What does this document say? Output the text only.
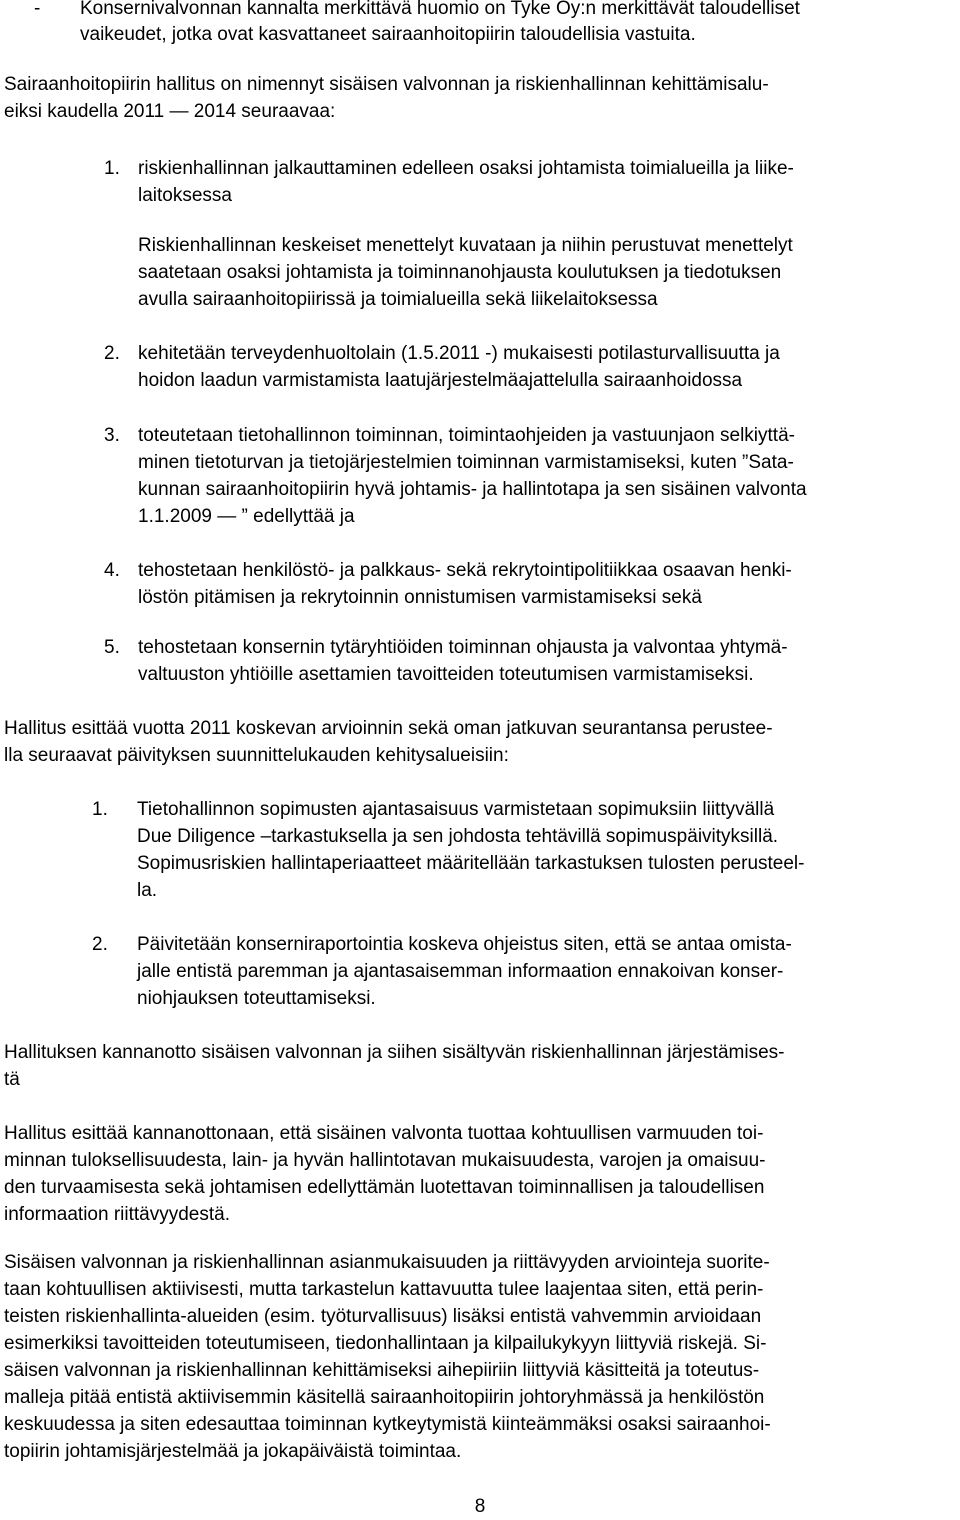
- Konsernivalvonnan kannalta merkittävä huomio on Tyke Oy:n merkittävät taloudelliset
vaikeudet, jotka ovat kasvattaneet sairaanhoitopiirin taloudellisia vastuita.
Sairaanhoitopiirin hallitus on nimennyt sisäisen valvonnan ja riskienhallinnan kehittämisalu-
eiksi kaudella 2011 — 2014 seuraavaa:
1. riskienhallinnan jalkauttaminen edelleen osaksi johtamista toimialueilla ja liike-
laitoksessa
Riskienhallinnan keskeiset menettelyt kuvataan ja niihin perustuvat menettelyt
saatetaan osaksi johtamista ja toiminnanohjausta koulutuksen ja tiedotuksen
avulla sairaanhoitopiirissä ja toimialueilla sekä liikelaitoksessa
2. kehitetään terveydenhuoltolain (1.5.2011 -) mukaisesti potilasturvallisuutta ja
hoidon laadun varmistamista laatujärjestelmäajattelulla sairaanhoidossa
3. toteutetaan tietohallinnon toiminnan, toimintaohjeiden ja vastuunjaon selkiyttä-
minen tietoturvan ja tietojärjestelmien toiminnan varmistamiseksi, kuten ”Sata-
kunnan sairaanhoitopiirin hyvä johtamis- ja hallintotapa ja sen sisäinen valvonta
1.1.2009 — ” edellyttää ja
4. tehostetaan henkilöstö- ja palkkaus- sekä rekrytointipolitiikkaa osaavan henki-
löstön pitämisen ja rekrytoinnin onnistumisen varmistamiseksi sekä
5. tehostetaan konsernin tytäryhtiöiden toiminnan ohjausta ja valvontaa yhtymä-
valtuuston yhtiöille asettamien tavoitteiden toteutumisen varmistamiseksi.
Hallitus esittää vuotta 2011 koskevan arvioinnin sekä oman jatkuvan seurantansa perustee-
lla seuraavat päivityksen suunnittelukauden kehitysalueisiin:
1. Tietohallinnon sopimusten ajantasaisuus varmistetaan sopimuksiin liittyvällä
Due Diligence –tarkastuksella ja sen johdosta tehtävillä sopimuspäivityksillä.
Sopimusriskien hallintaperiaatteet määritellään tarkastuksen tulosten perusteel-
la.
2. Päivitetään konserniraportointia koskeva ohjeistus siten, että se antaa omista-
jalle entistä paremman ja ajantasaisemman informaation ennakoivan konser-
niohjauksen toteuttamiseksi.
Hallituksen kannanotto sisäisen valvonnan ja siihen sisältyvän riskienhallinnan järjestämises-
tä
Hallitus esittää kannanottonaan, että sisäinen valvonta tuottaa kohtuullisen varmuuden toi-
minnan tuloksellisuudesta, lain- ja hyvän hallintotavan mukaisuudesta, varojen ja omaisuu-
den turvaamisesta sekä johtamisen edellyttämän luotettavan toiminnallisen ja taloudellisen
informaation riittävyydestä.
Sisäisen valvonnan ja riskienhallinnan asianmukaisuuden ja riittävyyden arviointeja suorite-
taan kohtuullisen aktiivisesti, mutta tarkastelun kattavuutta tulee laajentaa siten, että perin-
teisten riskienhallinta-alueiden (esim. työturvallisuus) lisäksi entistä vahvemmin arvioidaan
esimerkiksi tavoitteiden toteutumiseen, tiedonhallintaan ja kilpailukykyyn liittyviä riskejä. Si-
säisen valvonnan ja riskienhallinnan kehittämiseksi aihepiiriin liittyviä käsitteitä ja toteutus-
malleja pitää entistä aktiivisemmin käsitellä sairaanhoitopiirin johtoryhmässä ja henkilöstön
keskuudessa ja siten edesauttaa toiminnan kytkeytymistä kiinteämmäksi osaksi sairaanhoi-
topiirin johtamisjärjestelmää ja jokapäiväistä toimintaa.
8
